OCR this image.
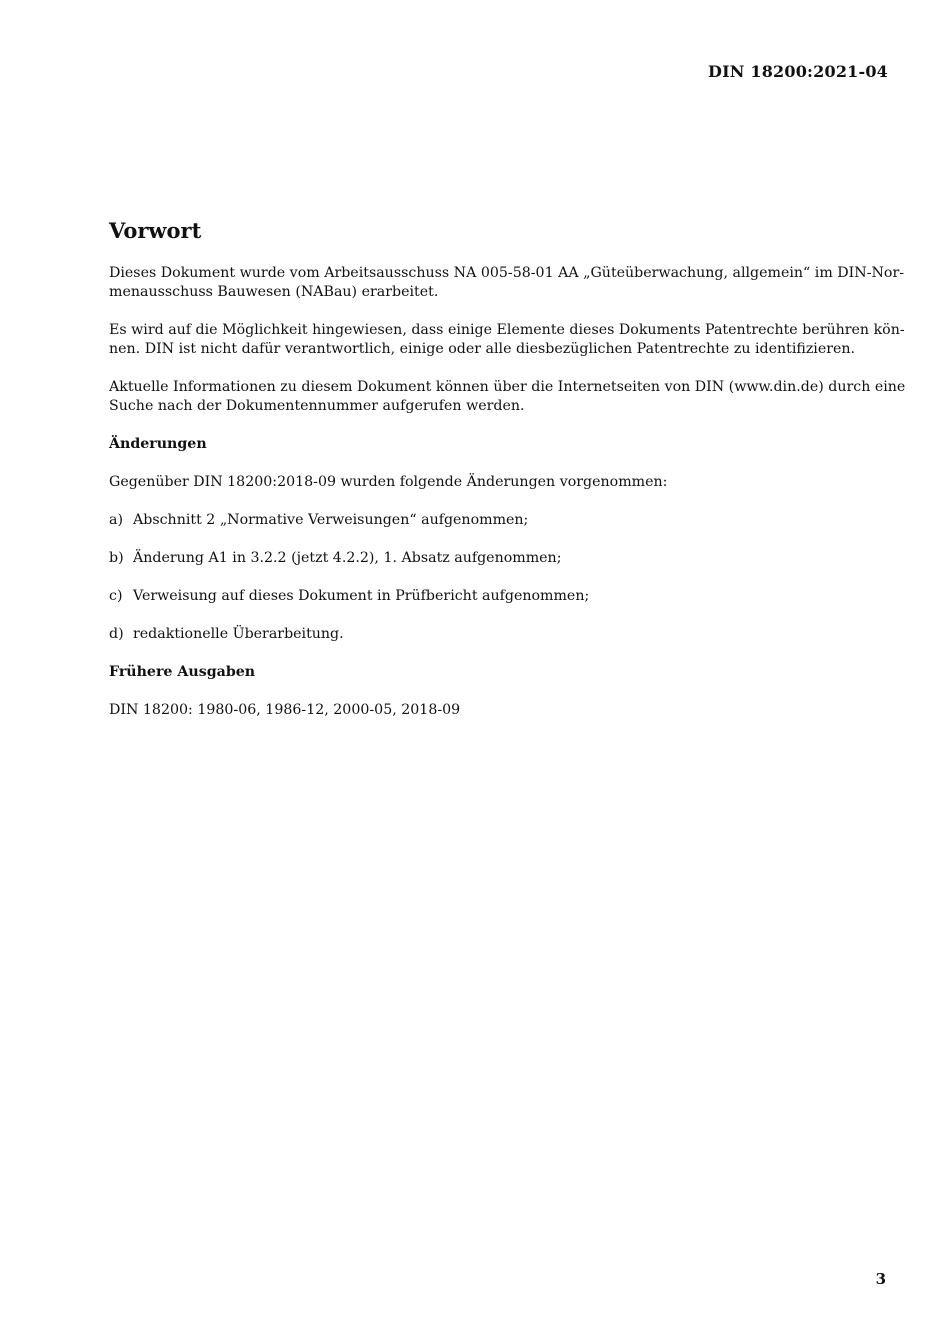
DIN 18200:2021-04
Vorwort

Dieses Dokument wurde vom Arbeitsausschuss NA 005-58-01 AA „Güteüberwachung, allgemein“ im DIN-Nor-
menausschuss Bauwesen (NABau) erarbeitet.

Es wird auf die Möglichkeit hingewiesen, dass einige Elemente dieses Dokuments Patentrechte berühren kön-
nen. DIN ist nicht dafür verantwortlich, einige oder alle diesbezüglichen Patentrechte zu identifizieren.

Aktuelle Informationen zu diesem Dokument können über die Internetseiten von DIN (www.din.de) durch eine
Suche nach der Dokumentennummer aufgerufen werden.

Änderungen

Gegenüber DIN 18200:2018-09 wurden folgende Änderungen vorgenommen:

a) Abschnitt 2 „Normative Verweisungen“ aufgenommen;
b) Änderung A1 in 3.2.2 (jetzt 4.2.2), 1. Absatz aufgenommen;
c) Verweisung auf dieses Dokument in Prüfbericht aufgenommen;
d) redaktionelle Überarbeitung.
Frühere Ausgaben

DIN 18200: 1980-06, 1986-12, 2000-05, 2018-09

3
